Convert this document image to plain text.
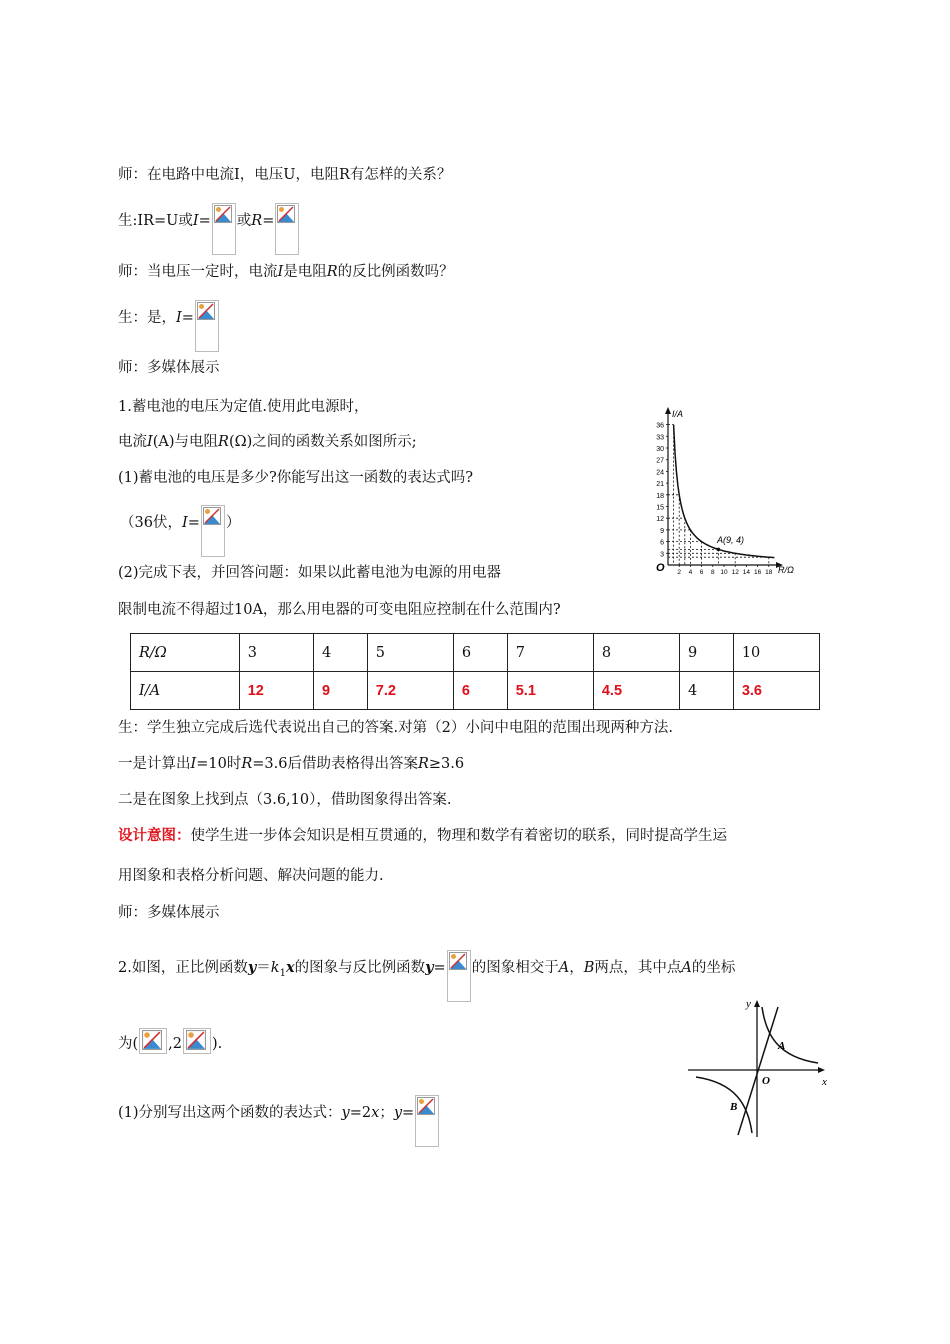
师：在电路中电流I，电压U，电阻R有怎样的关系？
生:IR=U或I= 或R=
师：当电压一定时，电流I是电阻R的反比例函数吗？
生：是，I=
师：多媒体展示
1.蓄电池的电压为定值.使用此电源时，
电流I(A)与电阻R(Ω)之间的函数关系如图所示;
(1)蓄电池的电压是多少?你能写出这一函数的表达式吗?
（36伏，I= ）
(2)完成下表，并回答问题：如果以此蓄电池为电源的用电器
限制电流不得超过10A，那么用电器的可变电阻应控制在什么范围内?
R/Ω	3	4	5	6	7	8	9	10
I/A	12	9	7.2	6	5.1	4.5	4	3.6
生：学生独立完成后选代表说出自己的答案.对第（2）小问中电阻的范围出现两种方法.
一是计算出I=10时R=3.6后借助表格得出答案R≥3.6
二是在图象上找到点（3.6,10），借助图象得出答案.
设计意图：使学生进一步体会知识是相互贯通的，物理和数学有着密切的联系，同时提高学生运
用图象和表格分析问题、解决问题的能力.
师：多媒体展示
2.如图，正比例函数$y=k_1x$的图象与反比例函数y= 的图象相交于A，B两点，其中点A的坐标
为( ,2 ).
(1)分别写出这两个函数的表达式：y=2x；y=
I/A
R/Ω
O
A(9, 4)
3
6
9
12
15
18
21
24
27
30
33
36
2 4 6 8 10 12 14 16 18
y
x
O
A
B
